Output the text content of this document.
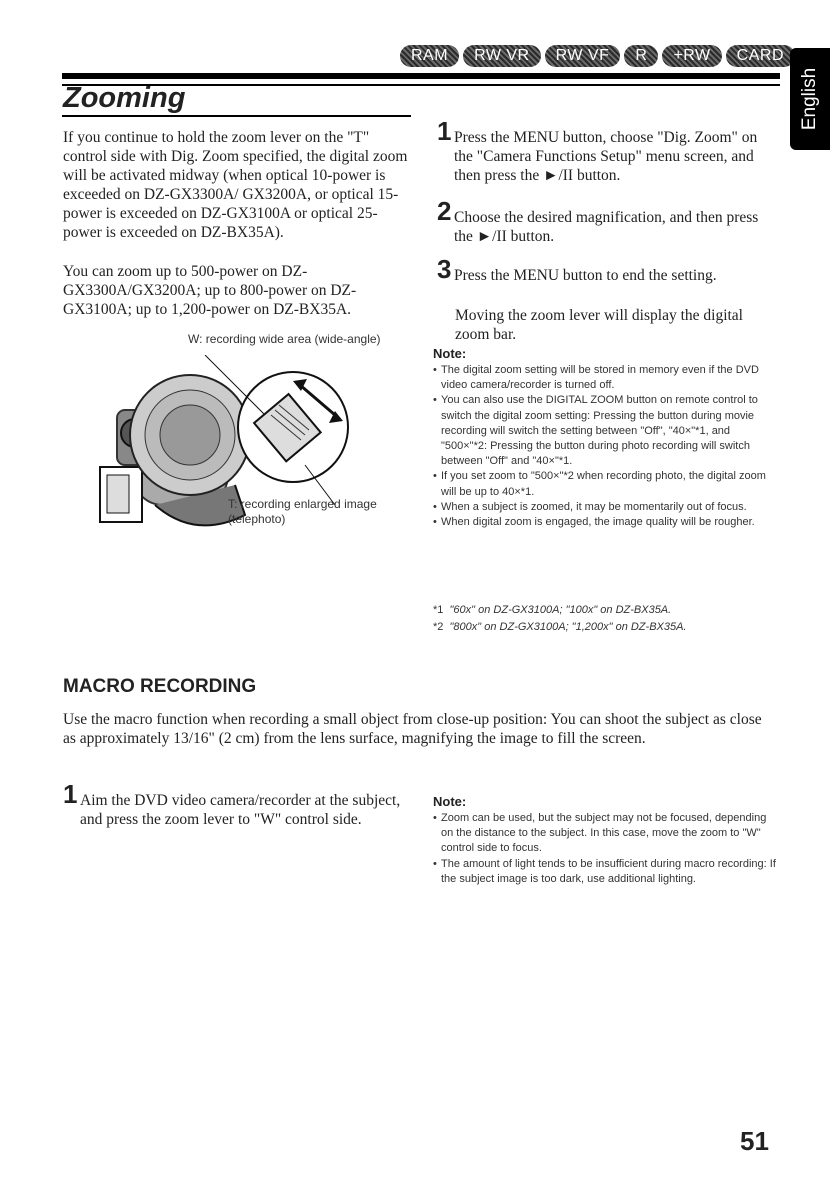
RAM	RW VR	RW VF	R	+RW	CARD
English
Zooming

If you continue to hold the zoom lever on the "T" control side with Dig. Zoom specified, the digital zoom will be activated midway (when optical 10-power is exceeded on DZ-GX3300A/ GX3200A, or optical 15-power is exceeded on DZ-GX3100A or optical 25-power is exceeded on DZ-BX35A).

You can zoom up to 500-power on DZ-GX3300A/GX3200A; up to 800-power on DZ-GX3100A; up to 1,200-power on DZ-BX35A.

W: recording wide area (wide-angle)
T: recording enlarged image (telephoto)
1 Press the MENU button, choose "Dig. Zoom" on the "Camera Functions Setup" menu screen, and then press the ►/II button.
2 Choose the desired magnification, and then press the ►/II button.
3 Press the MENU button to end the setting.

Moving the zoom lever will display the digital zoom bar.

Note:
• The digital zoom setting will be stored in memory even if the DVD video camera/recorder is turned off.
• You can also use the DIGITAL ZOOM button on remote control to switch the digital zoom setting: Pressing the button during movie recording will switch the setting between "Off", "40×"*1, and "500×"*2: Pressing the button during photo recording will switch between "Off" and "40×"*1.
• If you set zoom to "500×"*2 when recording photo, the digital zoom will be up to 40×*1.
• When a subject is zoomed, it may be momentarily out of focus.
• When digital zoom is engaged, the image quality will be rougher.
*1 "60x" on DZ-GX3100A; "100x" on DZ-BX35A.
*2 "800x" on DZ-GX3100A; "1,200x" on DZ-BX35A.
MACRO RECORDING

Use the macro function when recording a small object from close-up position: You can shoot the subject as close as approximately 13/16" (2 cm) from the lens surface, magnifying the image to fill the screen.

1 Aim the DVD video camera/recorder at the subject, and press the zoom lever to "W" control side.
Note:
• Zoom can be used, but the subject may not be focused, depending on the distance to the subject. In this case, move the zoom to "W" control side to focus.
• The amount of light tends to be insufficient during macro recording: If the subject image is too dark, use additional lighting.
51
